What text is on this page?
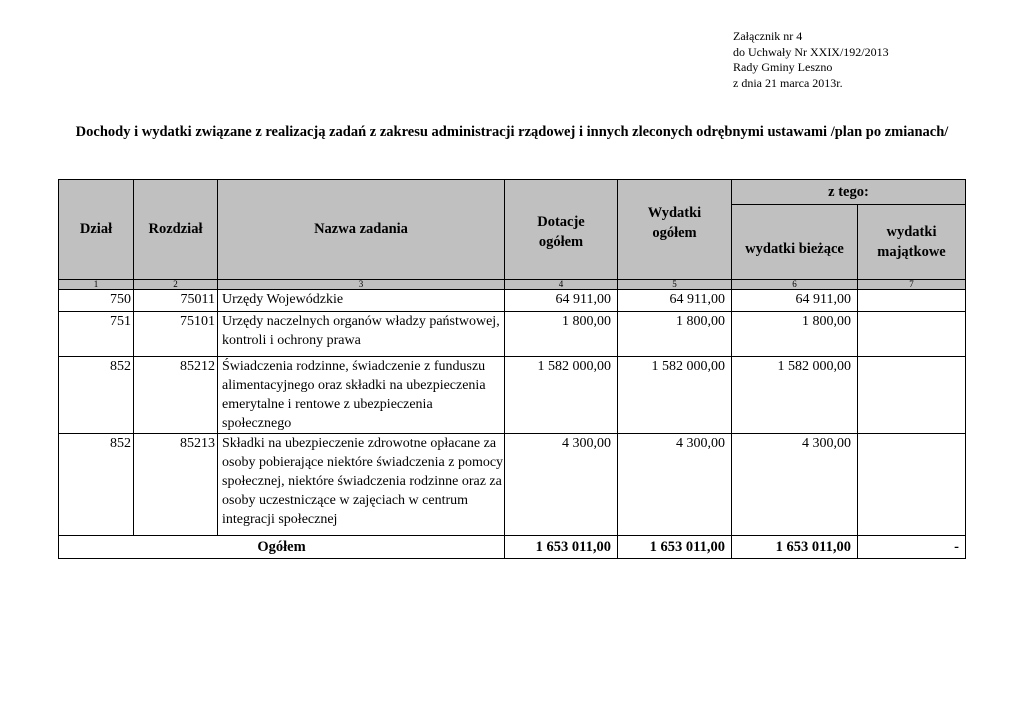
Załącznik nr 4
do Uchwały Nr XXIX/192/2013
Rady Gminy Leszno
z dnia 21 marca 2013r.
Dochody i wydatki związane z realizacją zadań z zakresu administracji rządowej i innych zleconych odrębnymi ustawami /plan po zmianach/
Dział	Rozdział	Nazwa zadania	Dotacje ogółem	Wydatki ogółem	z tego:	

					wydatki bieżące	wydatki majątkowe

1	2	3	4	5	6	7
750	75011	Urzędy Wojewódzkie	64 911,00	64 911,00	64 911,00	
751	75101	Urzędy naczelnych organów władzy państwowej, kontroli i ochrony prawa	1 800,00	1 800,00	1 800,00	
852	85212	Świadczenia rodzinne, świadczenie z funduszu alimentacyjnego oraz składki na ubezpieczenia emerytalne i rentowe z ubezpieczenia społecznego	1 582 000,00	1 582 000,00	1 582 000,00	
852	85213	Składki na ubezpieczenie zdrowotne opłacane za osoby pobierające niektóre świadczenia z pomocy społecznej, niektóre świadczenia rodzinne oraz za osoby uczestniczące w zajęciach w centrum integracji społecznej	4 300,00	4 300,00	4 300,00	
Ogółem			1 653 011,00	1 653 011,00	1 653 011,00	-
